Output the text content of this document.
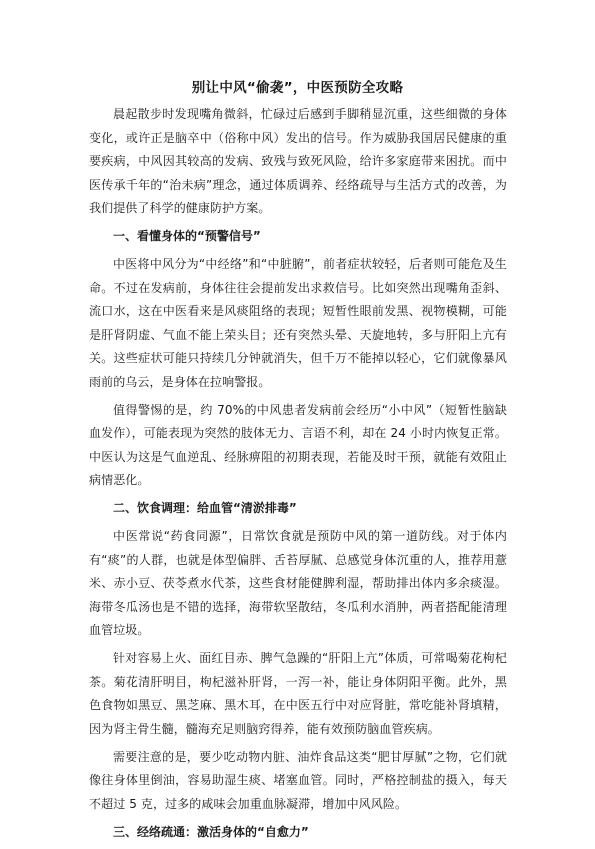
别让中风“偷袭”，中医预防全攻略

晨起散步时发现嘴角微斜，忙碌过后感到手脚稍显沉重，这些细微的身体变化，或许正是脑卒中（俗称中风）发出的信号。作为威胁我国居民健康的重要疾病，中风因其较高的发病、致残与致死风险，给许多家庭带来困扰。而中医传承千年的“治未病”理念，通过体质调养、经络疏导与生活方式的改善，为我们提供了科学的健康防护方案。

一、看懂身体的“预警信号”

中医将中风分为“中经络”和“中脏腑”，前者症状较轻，后者则可能危及生命。不过在发病前，身体往往会提前发出求救信号。比如突然出现嘴角歪斜、流口水，这在中医看来是风痰阻络的表现；短暂性眼前发黑、视物模糊，可能是肝肾阴虚、气血不能上荣头目；还有突然头晕、天旋地转，多与肝阳上亢有关。这些症状可能只持续几分钟就消失，但千万不能掉以轻心，它们就像暴风雨前的乌云，是身体在拉响警报。

值得警惕的是，约 70%的中风患者发病前会经历“小中风”（短暂性脑缺血发作），可能表现为突然的肢体无力、言语不利，却在 24 小时内恢复正常。中医认为这是气血逆乱、经脉痹阻的初期表现，若能及时干预，就能有效阻止病情恶化。

二、饮食调理：给血管“清淤排毒”

中医常说“药食同源”，日常饮食就是预防中风的第一道防线。对于体内有“痰”的人群，也就是体型偏胖、舌苔厚腻、总感觉身体沉重的人，推荐用薏米、赤小豆、茯苓煮水代茶，这些食材能健脾利湿，帮助排出体内多余痰湿。海带冬瓜汤也是不错的选择，海带软坚散结，冬瓜利水消肿，两者搭配能清理血管垃圾。

针对容易上火、面红目赤、脾气急躁的“肝阳上亢”体质，可常喝菊花枸杞茶。菊花清肝明目，枸杞滋补肝肾，一泻一补，能让身体阴阳平衡。此外，黑色食物如黑豆、黑芝麻、黑木耳，在中医五行中对应肾脏，常吃能补肾填精，因为肾主骨生髓，髓海充足则脑窍得养，能有效预防脑血管疾病。

需要注意的是，要少吃动物内脏、油炸食品这类“肥甘厚腻”之物，它们就像往身体里倒油，容易助湿生痰、堵塞血管。同时，严格控制盐的摄入，每天不超过 5 克，过多的咸味会加重血脉凝滞，增加中风风险。

三、经络疏通：激活身体的“自愈力”
